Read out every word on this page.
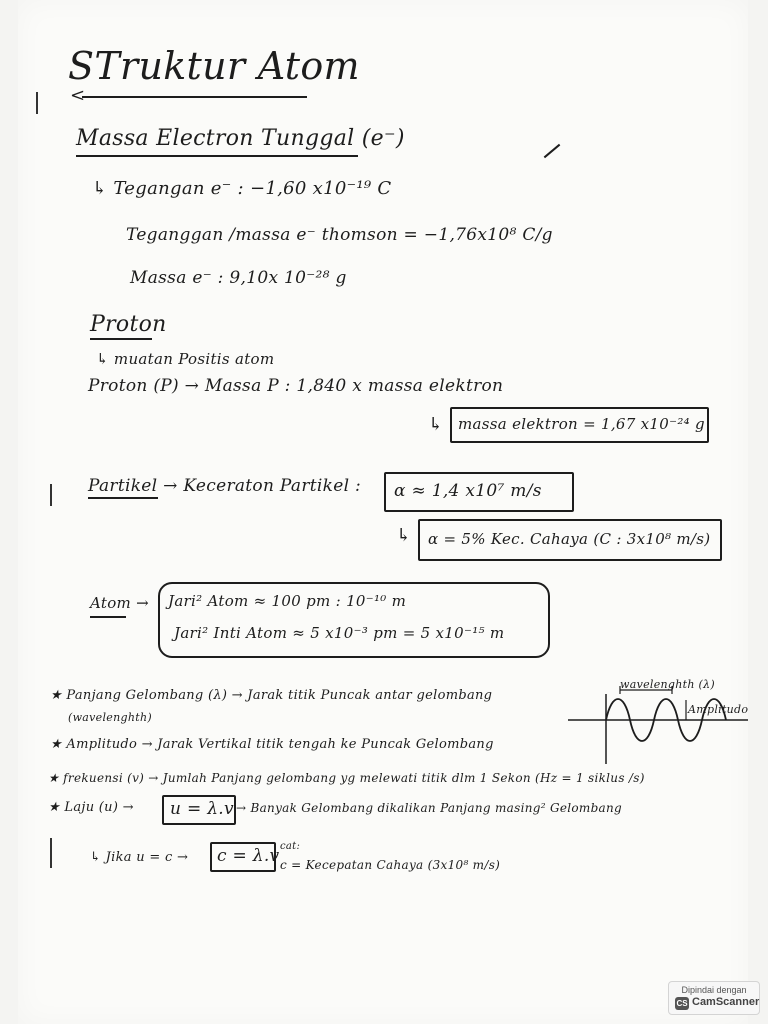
STruktur Atom
<
Massa Electron Tunggal (e⁻)
↳ Tegangan e⁻ : −1,60 x10⁻¹⁹ C
Teganggan /massa e⁻ thomson = −1,76x10⁸ C/g
Massa e⁻ : 9,10x 10⁻²⁸ g
Proton
↳ muatan Positis atom
Proton (P) → Massa P : 1,840 x massa elektron
↳ massa elektron = 1,67 x10⁻²⁴ g
Partikel → Keceraton Partikel : α ≈ 1,4 x10⁷ m/s
↳ α = 5% Kec. Cahaya (C : 3x10⁸ m/s)
Atom → Jari² Atom ≈ 100 pm : 10⁻¹⁰ m
Jari² Inti Atom ≈ 5 x10⁻³ pm = 5 x10⁻¹⁵ m
★ Panjang Gelombang (λ) → Jarak titik Puncak antar gelombang
(wavelenghth)
★ Amplitudo → Jarak Vertikal titik tengah ke Puncak Gelombang
★ frekuensi (v) → Jumlah Panjang gelombang yg melewati titik dlm 1 Sekon (Hz = 1 siklus /s)
★ Laju (u) → u = λ.v → Banyak Gelombang dikalikan Panjang masing² Gelombang
↳ Jika u = c → c = λ.v cat:
c = Kecepatan Cahaya (3x10⁸ m/s)
wavelenghth (λ)
Amplitudo
Dipindai dengan
CS CamScanner
